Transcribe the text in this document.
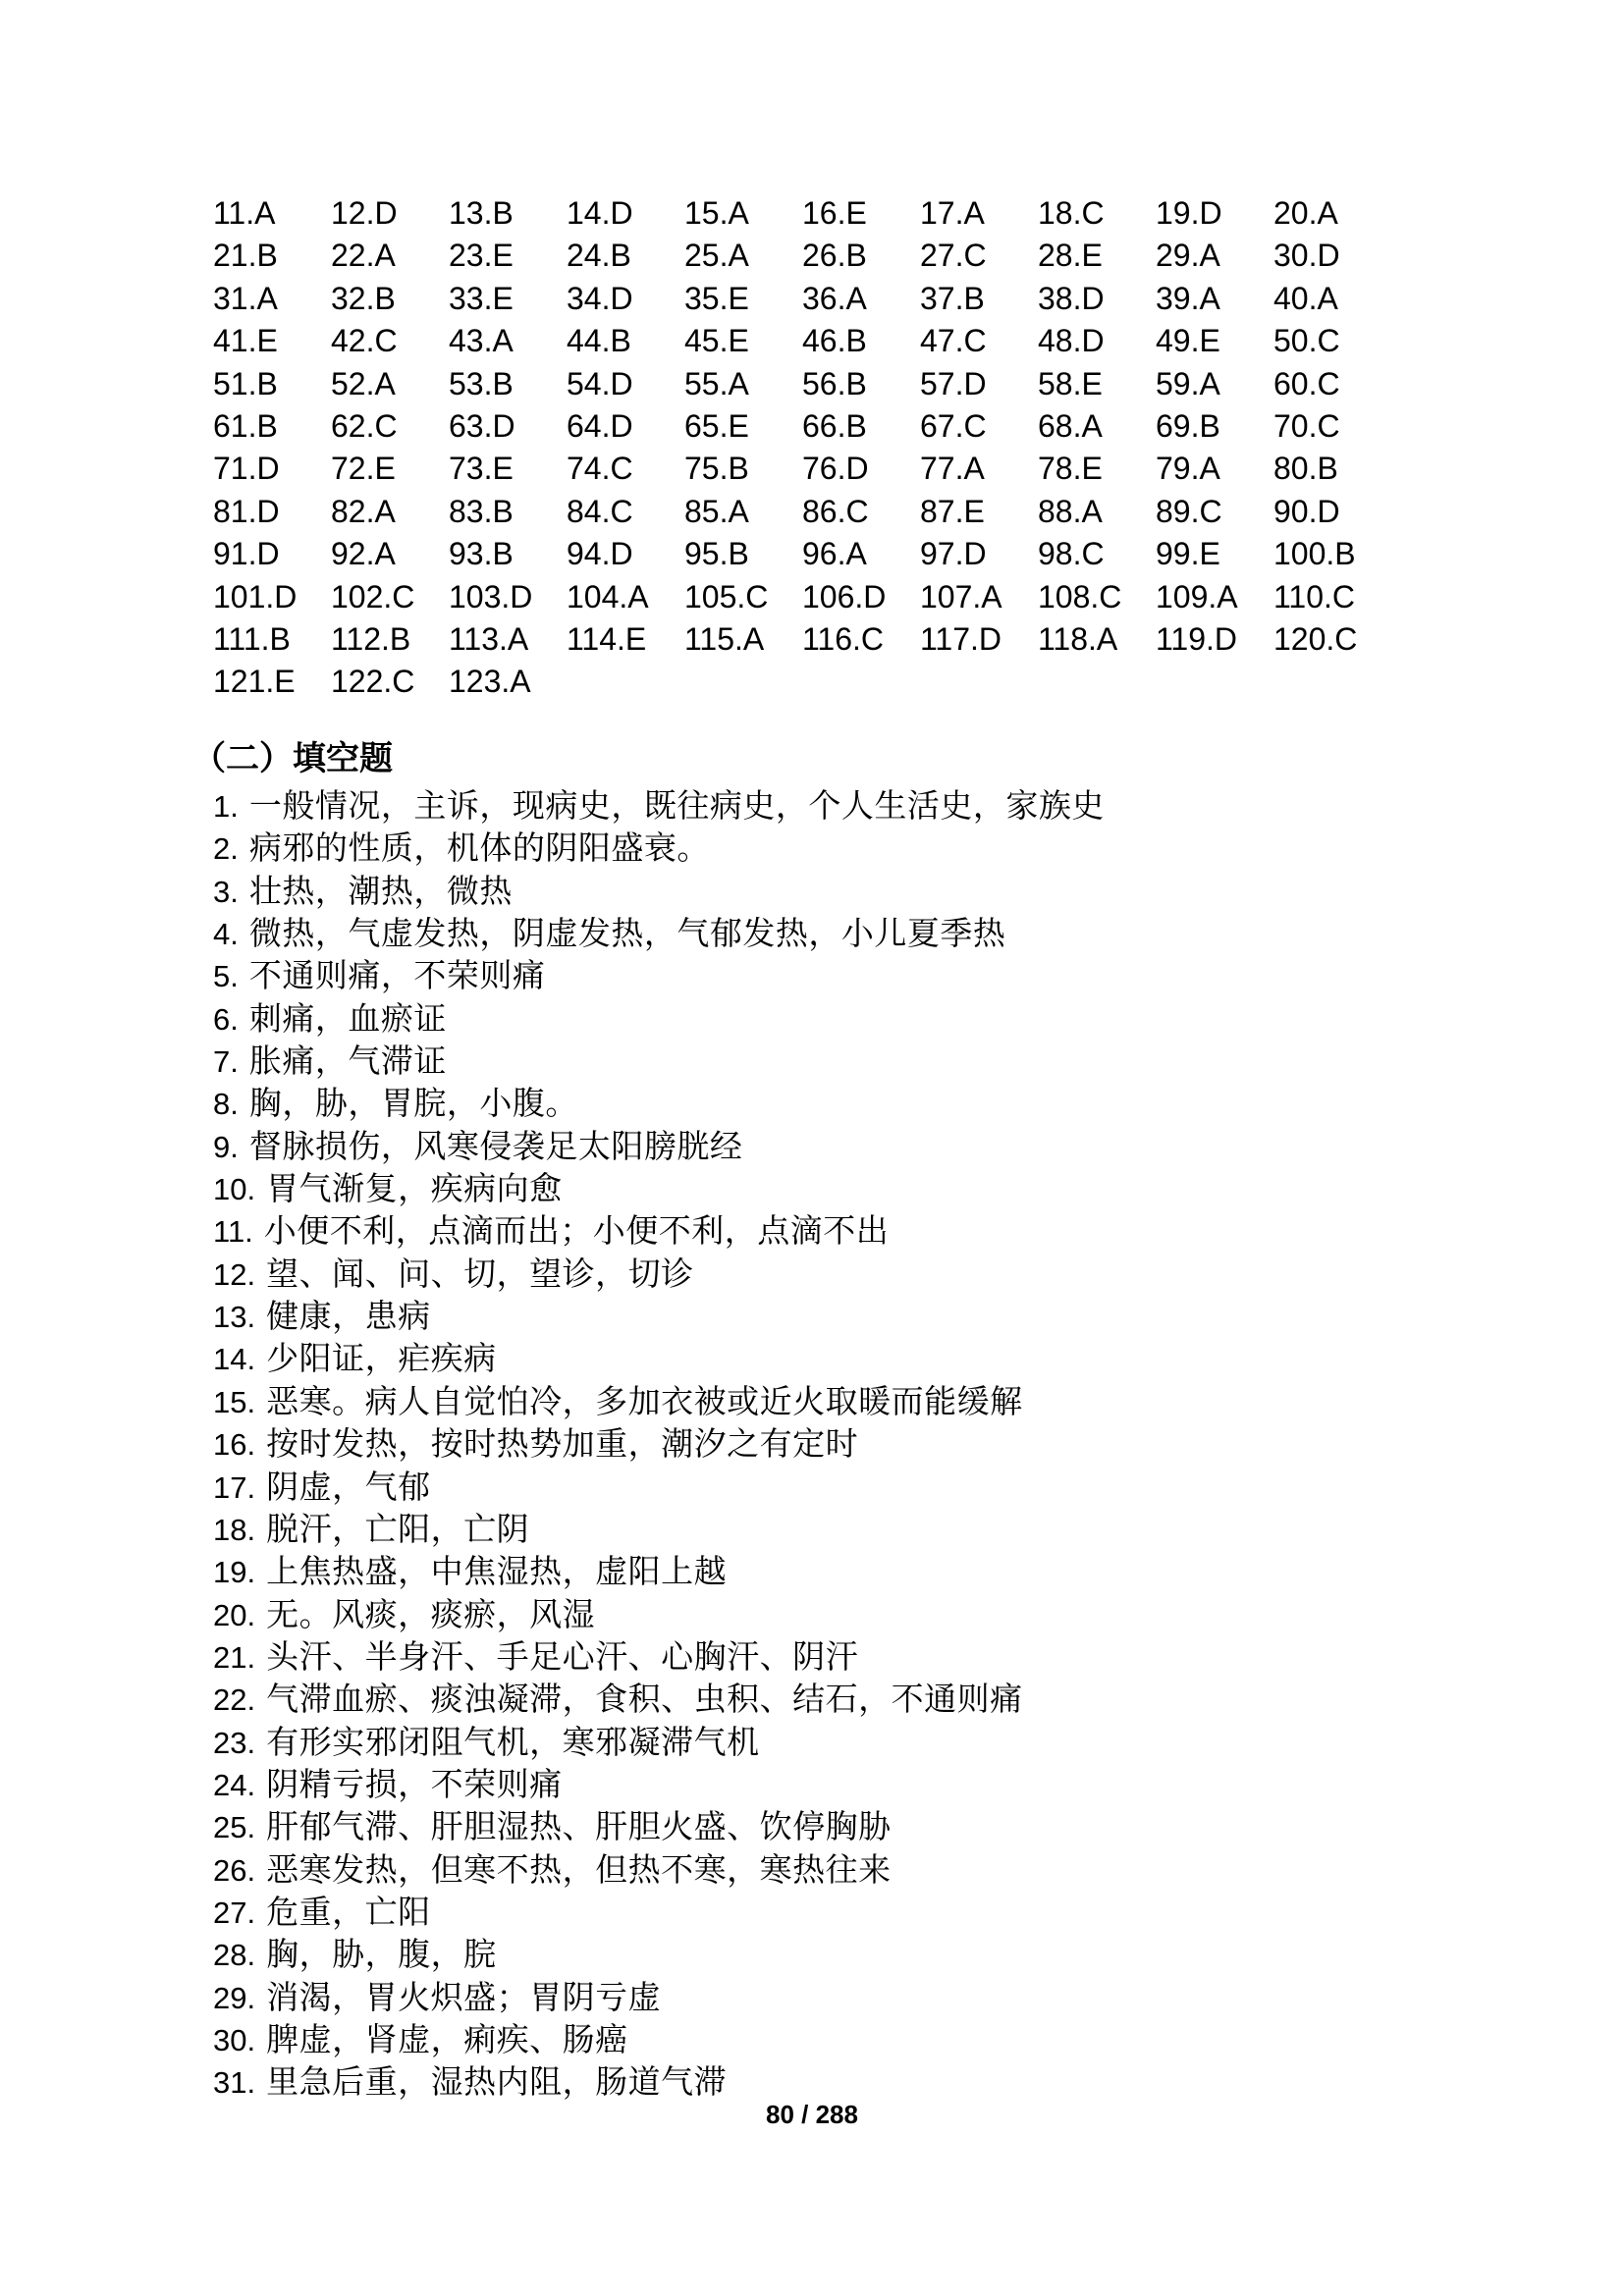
11.A	12.D	13.B	14.D	15.A	16.E	17.A	18.C	19.D	20.A
21.B	22.A	23.E	24.B	25.A	26.B	27.C	28.E	29.A	30.D
31.A	32.B	33.E	34.D	35.E	36.A	37.B	38.D	39.A	40.A
41.E	42.C	43.A	44.B	45.E	46.B	47.C	48.D	49.E	50.C
51.B	52.A	53.B	54.D	55.A	56.B	57.D	58.E	59.A	60.C
61.B	62.C	63.D	64.D	65.E	66.B	67.C	68.A	69.B	70.C
71.D	72.E	73.E	74.C	75.B	76.D	77.A	78.E	79.A	80.B
81.D	82.A	83.B	84.C	85.A	86.C	87.E	88.A	89.C	90.D
91.D	92.A	93.B	94.D	95.B	96.A	97.D	98.C	99.E	100.B
101.D	102.C	103.D	104.A	105.C	106.D	107.A	108.C	109.A	110.C
111.B	112.B	113.A	114.E	115.A	116.C	117.D	118.A	119.D	120.C
121.E	122.C	123.A
（二）填空题
1. 一般情况，主诉，现病史，既往病史，个人生活史，家族史
2. 病邪的性质，机体的阴阳盛衰。
3. 壮热，潮热，微热
4. 微热，气虚发热，阴虚发热，气郁发热，小儿夏季热
5. 不通则痛，不荣则痛
6. 刺痛，血瘀证
7. 胀痛，气滞证
8. 胸，胁，胃脘，小腹。
9. 督脉损伤，风寒侵袭足太阳膀胱经
10. 胃气渐复，疾病向愈
11. 小便不利，点滴而出；小便不利，点滴不出
12. 望、闻、问、切，望诊，切诊
13. 健康，患病
14. 少阳证，疟疾病
15. 恶寒。病人自觉怕冷，多加衣被或近火取暖而能缓解
16. 按时发热，按时热势加重，潮汐之有定时
17. 阴虚，气郁
18. 脱汗，亡阳，亡阴
19. 上焦热盛，中焦湿热，虚阳上越
20. 无。风痰，痰瘀，风湿
21. 头汗、半身汗、手足心汗、心胸汗、阴汗
22. 气滞血瘀、痰浊凝滞，食积、虫积、结石，不通则痛
23. 有形实邪闭阻气机，寒邪凝滞气机
24. 阴精亏损，不荣则痛
25. 肝郁气滞、肝胆湿热、肝胆火盛、饮停胸胁
26. 恶寒发热，但寒不热，但热不寒，寒热往来
27. 危重，亡阳
28. 胸，胁，腹，脘
29. 消渴，胃火炽盛；胃阴亏虚
30. 脾虚，肾虚，痢疾、肠癌
31. 里急后重，湿热内阻，肠道气滞
80 / 288
